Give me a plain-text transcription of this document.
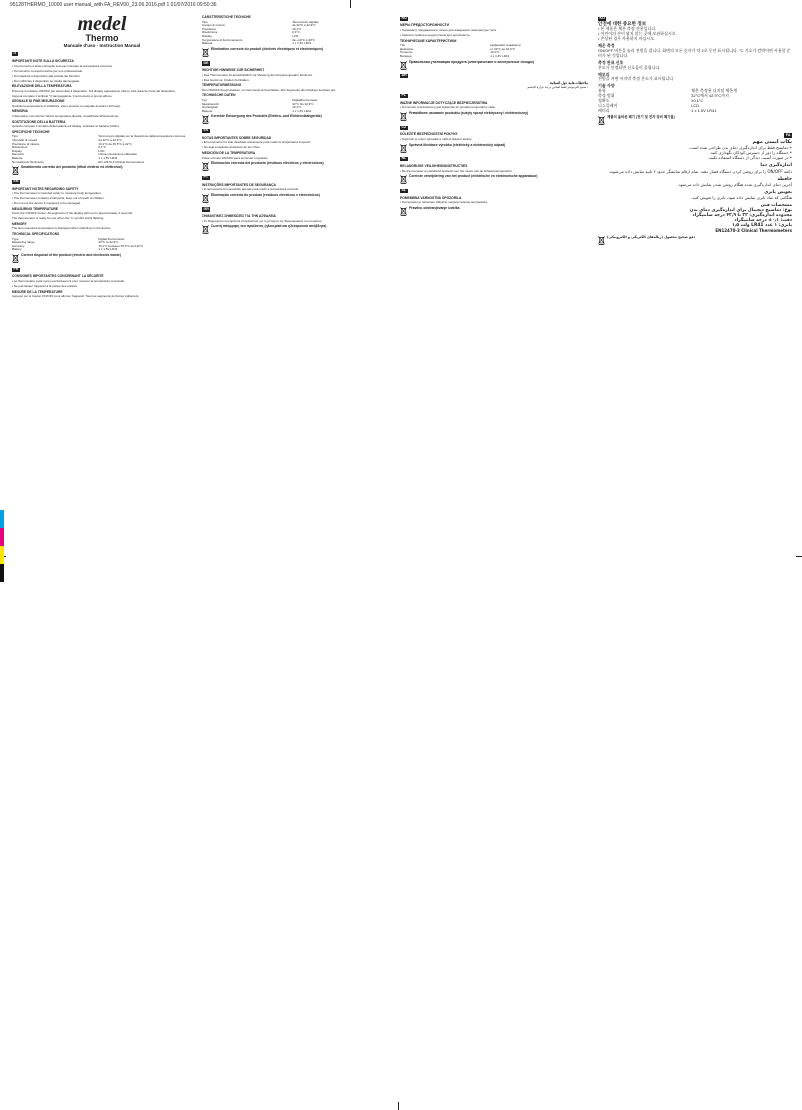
95128THERMO_10000 user manual_with FA_REV00_23.06.2016.pdf 1 01/07/2016 09:50:36
medel
Thermo
Manuale d'uso - Instruction Manual
IT
IMPORTANTI NOTE SULLA SICUREZZA

• Il termometro è stato concepito solo per misurare la temperatura corporea.

• Termometro concepito anche per uso professionale.

• Non lasciare il dispositivo alla portata dei bambini.

• Non utilizzare il dispositivo se risulta danneggiato.

RILEVAZIONE DELLA TEMPERATURA

Premere il pulsante ON/OFF per accendere il dispositivo. Sul display appariranno tutte le cifre durante il test del dispositivo.

Appena compare il simbolo °C lampeggiante, il termometro è pronto all'uso.

SEGNALE DI FINE MISURAZIONE

Quando la temperatura si stabilizza, viene emesso un segnale acustico (10 beep).

MEMORIA

Il dispositivo memorizza l'ultima temperatura rilevata, visualizzata all'accensione.

SOSTITUZIONE DELLA BATTERIA

Quando compare il simbolo della batteria sul display, sostituire la batteria (LR41).

SPECIFICHE TECNICHE
Tipo	Termometro digitale per la rilevazione della temperatura corporea
Intervallo di misura	da 32°C a 42,9°C
Precisione di misura	±0,1°C da 35,5°C a 42°C
Risoluzione	0,1°C
Display	LCD
Memoria	ultima misurazione effettuata
Batteria	1 x 1,5V LR41
Normativa di riferimento	EN 12470-3 Clinical thermometers
Smaltimento corretto del prodotto (rifiuti elettrici ed elettronici)
EN
IMPORTANT NOTES REGARDING SAFETY

• The thermometer is intended solely to measure body temperature.

• The thermometer contains small parts; keep out of reach of children.

• Do not use the device if it appears to be damaged.

MEASURING TEMPERATURE

Press the ON/OFF button. All segments of the display light up for approximately 2 seconds.

The thermometer is ready for use when the °C symbol starts flashing.

MEMORY

The last measured temperature is displayed when switching on the device.

TECHNICAL SPECIFICATIONS
Type	Digital thermometer
Measuring range	32°C to 42.9°C
Accuracy	±0.1°C between 35.5°C and 42°C
Battery	1 x 1.5V LR41
Correct disposal of the product (electric and electronic waste)
FR
CONSIGNES IMPORTANTES CONCERNANT LA SÉCURITÉ

• Le thermomètre a été conçu exclusivement pour mesurer la température corporelle.

• Ne pas laisser l'appareil à la portée des enfants.

MESURE DE LA TEMPÉRATURE

Appuyer sur le bouton ON/OFF pour allumer l'appareil. Tous les segments de l'écran s'allument.

CARATTERISTICHE TECNICHE
Tipo	Termometro digitale
Campo di misura	da 32°C a 42,9°C
Precisione	±0,1°C
Risoluzione	0,1°C
Display	LCD
Temperatura di funzionamento	da +10°C a 40°C
Batteria	1 x 1,5V LR41
Élimination correcte du produit (déchets électriques et électroniques)
DE
WICHTIGE HINWEISE ZUR SICHERHEIT

• Das Thermometer ist ausschließlich zur Messung der Körpertemperatur bestimmt.

• Das Gerät von Kindern fernhalten.

TEMPERATURMESSUNG

Den ON/OFF-Knopf drücken, um das Gerät einzuschalten. Alle Segmente des Displays leuchten auf.

TECHNISCHE DATEN
Typ	Digitalthermometer
Messbereich	32°C bis 42,9°C
Genauigkeit	±0,1°C
Batterie	1 x 1,5V LR41
Korrekte Entsorgung des Produkts (Elektro- und Elektronikaltgeräte)
ES
NOTAS IMPORTANTES SOBRE SEGURIDAD

• El termómetro ha sido diseñado únicamente para medir la temperatura corporal.

• No deje el aparato al alcance de los niños.

MEDICIÓN DE LA TEMPERATURA

Pulse el botón ON/OFF para encender el aparato.

Eliminación correcta del producto (residuos eléctricos y electrónicos)
PT
INSTRUÇÕES IMPORTANTES DE SEGURANÇA

• O termómetro foi concebido apenas para medir a temperatura corporal.

Eliminação correcta do produto (resíduos eléctricos e electrónicos)
GR
ΣΗΜΑΝΤΙΚΕΣ ΣΗΜΕΙΩΣΕΙΣ ΓΙΑ ΤΗΝ ΑΣΦΑΛΕΙΑ

• Το θερμόμετρο προορίζεται αποκλειστικά για τη μέτρηση της θερμοκρασίας του σώματος.

Σωστή απόρριψη του προϊόντος (ηλεκτρικά και ηλεκτρονικά απόβλητα)
RU
МЕРЫ ПРЕДОСТОРОЖНОСТИ

• Термометр предназначен только для измерения температуры тела.

• Храните прибор в недоступном для детей месте.

ТЕХНИЧЕСКИЕ ХАРАКТЕРИСТИКИ
Тип	Цифровой термометр
Диапазон	от 32°C до 42,9°C
Точность	±0,1°C
Батарея	1 x 1,5V LR41
Правильная утилизация продукта (электрические и электронные отходы)
AR
ملاحظات هامة حول السلامة

• صمم الترمومتر فقط لقياس درجة حرارة الجسم.

PL
WAŻNE INFORMACJE DOTYCZĄCE BEZPIECZEŃSTWA

• Termometr przeznaczony jest wyłącznie do pomiaru temperatury ciała.

Prawidłowe usuwanie produktu (zużyty sprzęt elektryczny i elektroniczny)
CZ
DŮLEŽITÉ BEZPEČNOSTNÍ POKYNY

• Teploměr je určen výhradně k měření tělesné teploty.

Správná likvidace výrobku (elektrický a elektronický odpad)
NL
BELANGRIJKE VEILIGHEIDSINSTRUCTIES

• De thermometer is uitsluitend bedoeld voor het meten van de lichaamstemperatuur.

Correcte verwijdering van het product (elektrische en elektronische apparatuur)
SL
POMEMBNA VARNOSTNA OPOZORILA

• Termometer je namenjen izključno merjenju telesne temperature.

Pravilno odstranjevanje izdelka
KO
안전에 대한 중요한 정보
• 본 제품은 체온 측정 전용입니다.
• 어린이의 손이 닿지 않는 곳에 보관하십시오.
• 손상된 경우 사용하지 마십시오.
체온 측정
ON/OFF 버튼을 눌러 전원을 켭니다. 화면의 모든 숫자가 약 2초 동안 표시됩니다. °C 기호가 깜박이면 사용할 준비가 된 것입니다.
측정 완료 신호
온도가 안정되면 신호음이 울립니다.
메모리
전원을 켜면 마지막 측정 온도가 표시됩니다.
기술 사양
유형	체온 측정용 디지털 체온계
측정 범위	32°C에서 42.9°C까지
정확도	±0.1°C
디스플레이	LCD
배터리	1 x 1.5V LR41
제품의 올바른 폐기 (전기 및 전자 장비 폐기물)
FA
نکات ایمنی مهم
• دماسنج فقط برای اندازه‌گیری دمای بدن طراحی شده است.
• دستگاه را دور از دسترس کودکان نگهداری کنید.
• در صورت آسیب دیدگی از دستگاه استفاده نکنید.
اندازه‌گیری دما
دکمه ON/OFF را برای روشن کردن دستگاه فشار دهید. تمام ارقام نمایشگر حدود ۲ ثانیه نمایش داده می‌شوند.
حافظه
آخرین دمای اندازه‌گیری شده هنگام روشن شدن نمایش داده می‌شود.
تعویض باتری
هنگامی که نماد باتری نمایش داده شود، باتری را تعویض کنید.
مشخصات فنی
نوع: دماسنج دیجیتال برای اندازه‌گیری دمای بدن
محدوده اندازه‌گیری: ۳۲ تا ۴۲٫۹ درجه سانتیگراد
دقت: ۰٫۱± درجه سانتیگراد
باتری: ۱ عدد LR41 ولت ۱٫۵
EN12470-3 Clinical Thermometers
دفع صحیح محصول (زباله‌های الکتریکی و الکترونیکی)
